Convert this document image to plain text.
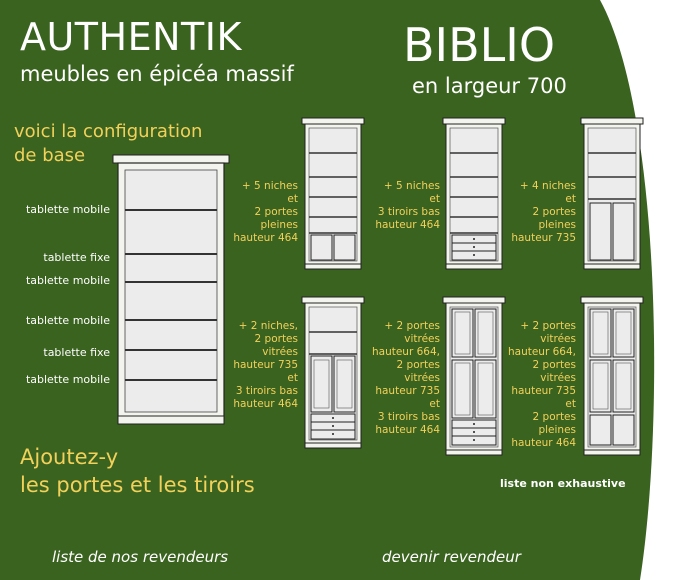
AUTHENTIK
meubles en épicéa massif
BIBLIO
en largeur 700
voici la configuration
de base
tablette mobile
tablette fixe
tablette mobile
tablette mobile
tablette fixe
tablette mobile
+ 5 niches
et
2 portes
pleines
hauteur 464
+ 5 niches
et
3 tiroirs bas
hauteur 464
+ 4 niches
et
2 portes
pleines
hauteur 735
+ 2 niches,
2 portes
vitrées
hauteur 735
et
3 tiroirs bas
hauteur 464
+ 2 portes
vitrées
hauteur 664,
2 portes
vitrées
hauteur 735
et
3 tiroirs bas
hauteur 464
+ 2 portes
vitrées
hauteur 664,
2 portes
vitrées
hauteur 735
et
2 portes
pleines
hauteur 464
Ajoutez-y
les portes et les tiroirs	liste non exhaustive
liste de nos revendeurs	devenir revendeur
